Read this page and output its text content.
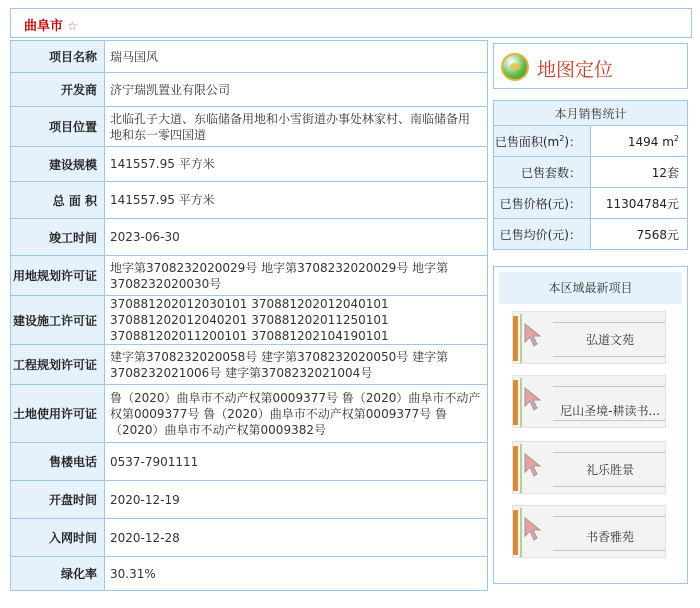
曲阜市 ☆
项目名称	瑞马国风
开发商	济宁瑞凯置业有限公司
项目位置	北临孔子大道、东临储备用地和小雪街道办事处林家村、南临储备用地和东一零四国道
建设规模	141557.95 平方米
总 面 积	141557.95 平方米
竣工时间	2023-06-30
用地规划许可证	地字第3708232020029号 地字第3708232020029号 地字第3708232020030号
建设施工许可证	370881202012030101 370881202012040101 370881202012040201 370881202011250101 370881202011200101 370881202104190101
工程规划许可证	建字第3708232020058号 建字第3708232020050号 建字第3708232021006号 建字第3708232021004号
土地使用许可证	鲁（2020）曲阜市不动产权第0009377号 鲁（2020）曲阜市不动产权第0009377号 鲁（2020）曲阜市不动产权第0009377号 鲁（2020）曲阜市不动产权第0009382号
售楼电话	0537-7901111
开盘时间	2020-12-19
入网时间	2020-12-28
绿化率	30.31%
地图定位
本月销售统计	
已售面积$(m^2)$：	1494 $m^2$
已售套数：	12套
已售价格(元)：	11304784元
已售均价(元)：	7568元
本区域最新项目
弘道文苑
尼山圣境-耕读书...
礼乐胜景
书香雅苑
